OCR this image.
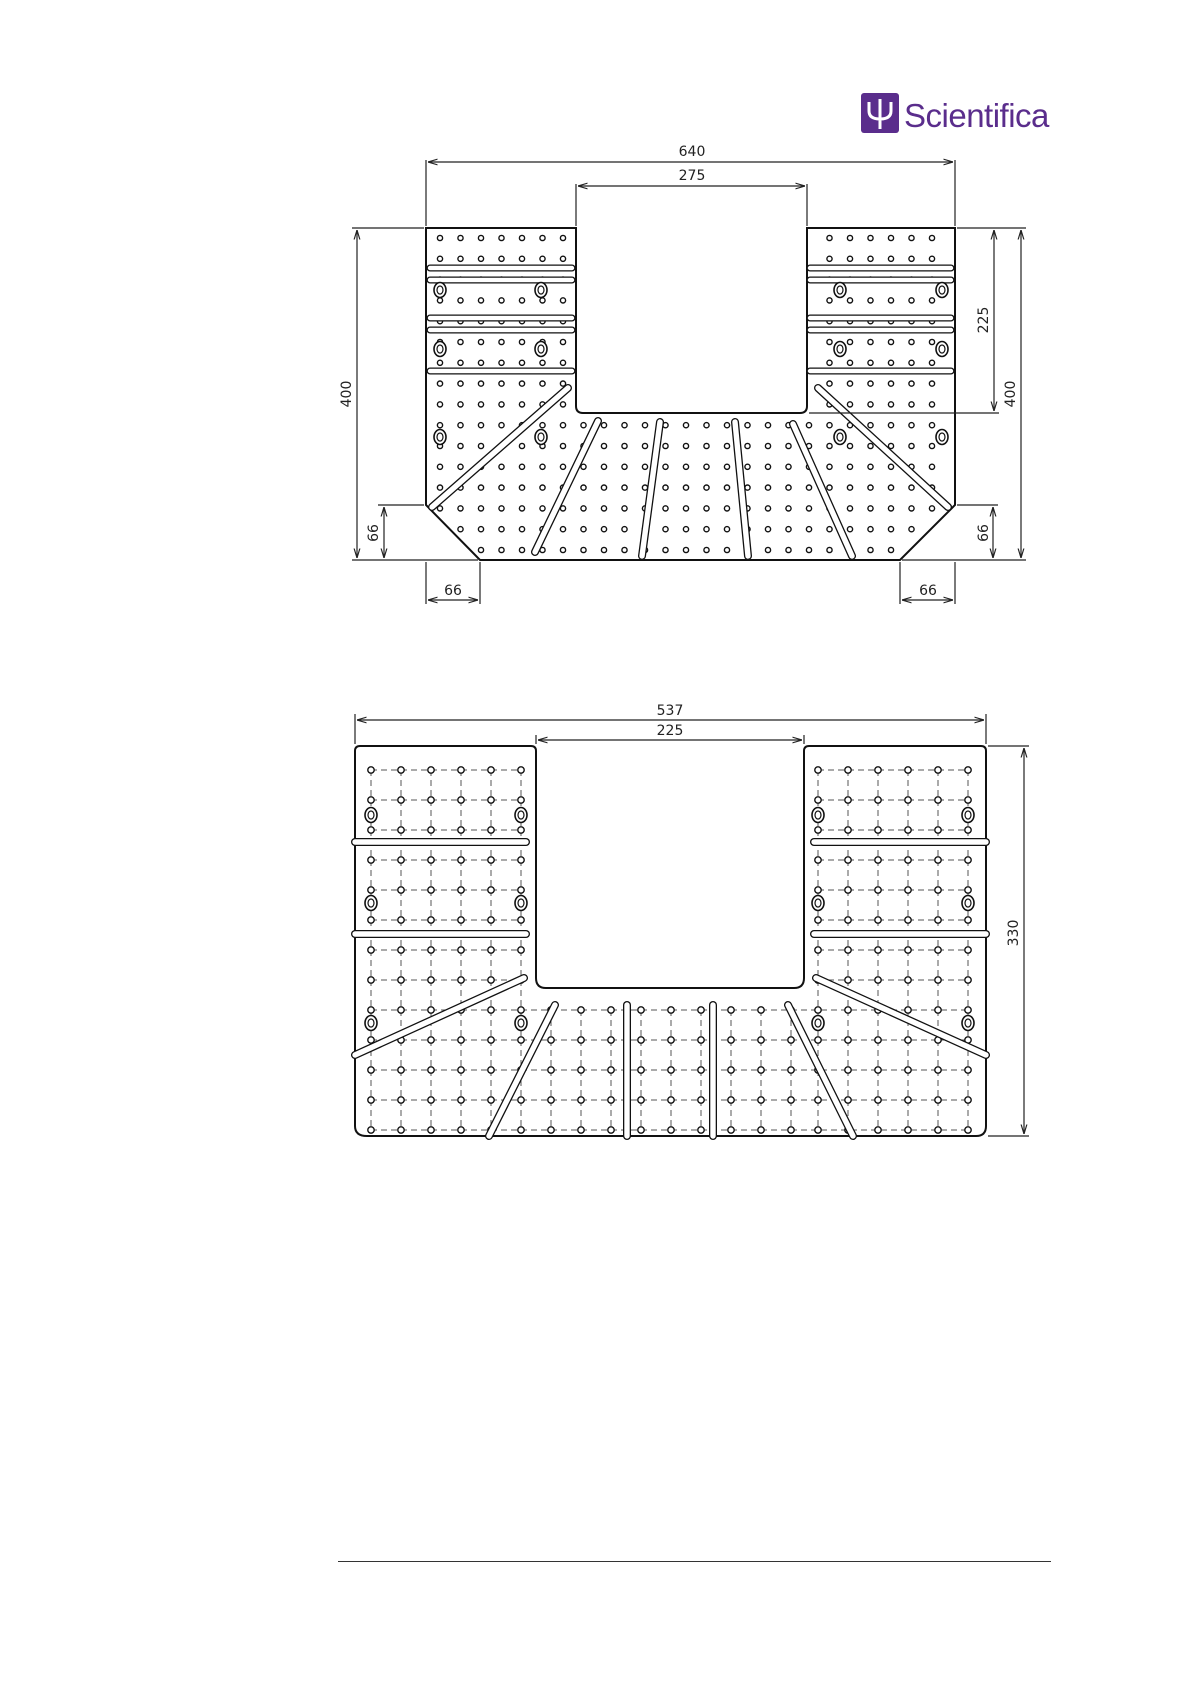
Scientifica
640
275
400	400
225
66	66
66	66
537
225
330
